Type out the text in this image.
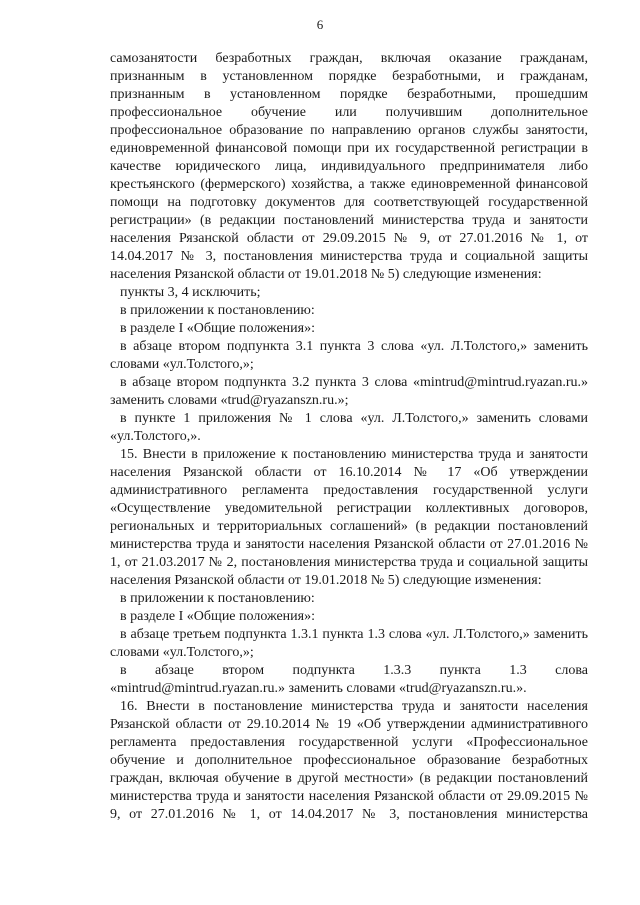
6

самозанятости безработных граждан, включая оказание гражданам, признанным в установленном порядке безработными, и гражданам, признанным в установленном порядке безработными, прошедшим профессиональное обучение или получившим дополнительное профессиональное образование по направлению органов службы занятости, единовременной финансовой помощи при их государственной регистрации в качестве юридического лица, индивидуального предпринимателя либо крестьянского (фермерского) хозяйства, а также единовременной финансовой помощи на подготовку документов для соответствующей государственной регистрации» (в редакции постановлений министерства труда и занятости населения Рязанской области от 29.09.2015 № 9, от 27.01.2016 № 1, от 14.04.2017 № 3, постановления министерства труда и социальной защиты населения Рязанской области от 19.01.2018 № 5) следующие изменения:

пункты 3, 4 исключить;

в приложении к постановлению:

в разделе I «Общие положения»:

в абзаце втором подпункта 3.1 пункта 3 слова «ул. Л.Толстого,» заменить словами «ул.Толстого,»;

в абзаце втором подпункта 3.2 пункта 3 слова «mintrud@mintrud.ryazan.ru.» заменить словами «trud@ryazanszn.ru.»;

в пункте 1 приложения № 1 слова «ул. Л.Толстого,» заменить словами «ул.Толстого,».

15. Внести в приложение к постановлению министерства труда и занятости населения Рязанской области от 16.10.2014 № 17 «Об утверждении административного регламента предоставления государственной услуги «Осуществление уведомительной регистрации коллективных договоров, региональных и территориальных соглашений» (в редакции постановлений министерства труда и занятости населения Рязанской области от 27.01.2016 № 1, от 21.03.2017 № 2, постановления министерства труда и социальной защиты населения Рязанской области от 19.01.2018 № 5) следующие изменения:

в приложении к постановлению:

в разделе I «Общие положения»:

в абзаце третьем подпункта 1.3.1 пункта 1.3 слова «ул. Л.Толстого,» заменить словами «ул.Толстого,»;

в абзаце втором подпункта 1.3.3 пункта 1.3 слова «mintrud@mintrud.ryazan.ru.» заменить словами «trud@ryazanszn.ru.».

16. Внести в постановление министерства труда и занятости населения Рязанской области от 29.10.2014 № 19 «Об утверждении административного регламента предоставления государственной услуги «Профессиональное обучение и дополнительное профессиональное образование безработных граждан, включая обучение в другой местности» (в редакции постановлений министерства труда и занятости населения Рязанской области от 29.09.2015 № 9, от 27.01.2016 № 1, от 14.04.2017 № 3, постановления министерства
